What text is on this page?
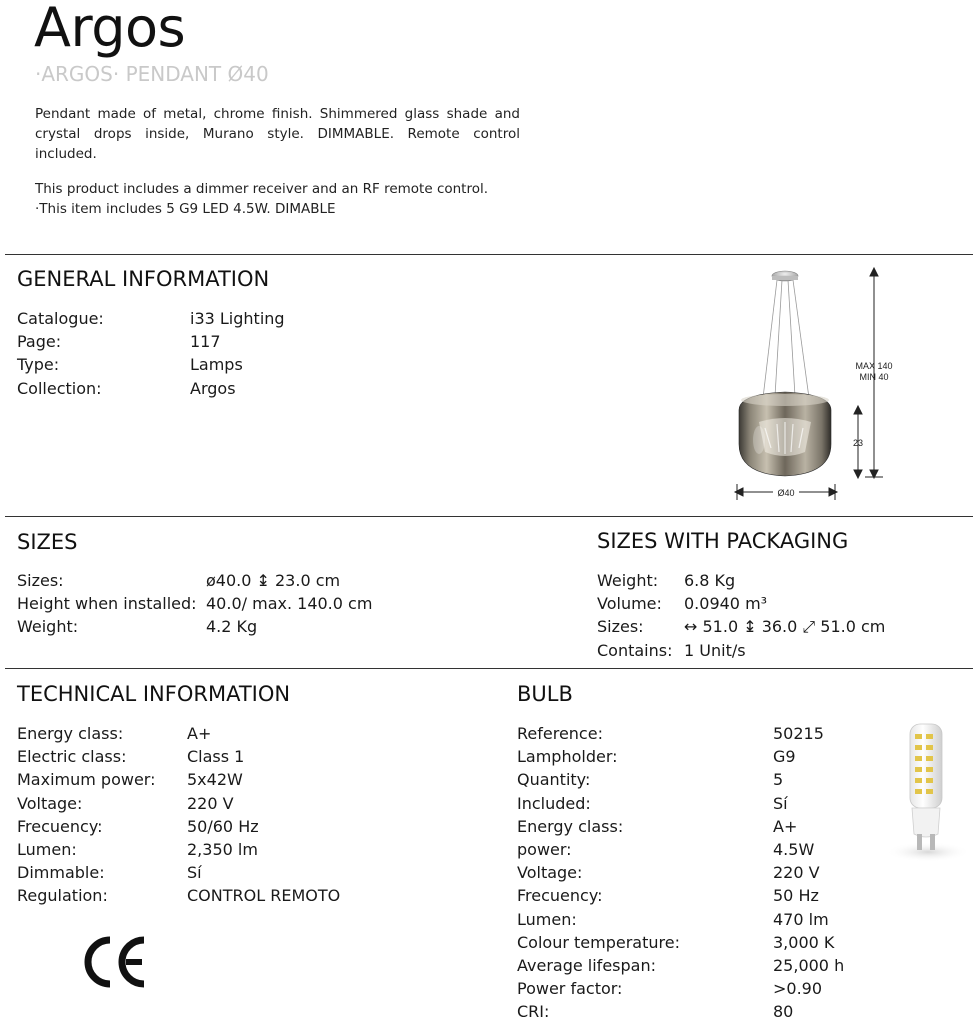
Argos
·ARGOS· PENDANT Ø40
Pendant made of metal, chrome finish. Shimmered glass shade and crystal drops inside, Murano style. DIMMABLE. Remote control included.
This product includes a dimmer receiver and an RF remote control.
·This item includes 5 G9 LED 4.5W. DIMABLE
GENERAL INFORMATION
Catalogue:	i33 Lighting
Page:	117
Type:	Lamps
Collection:	Argos
MAX 140
MIN 40
23
Ø40
SIZES
Sizes:	ø40.0 ↨ 23.0 cm
Height when installed: 40.0/ max. 140.0 cm
Weight:	4.2 Kg
SIZES WITH PACKAGING
Weight:	6.8 Kg
Volume:	0.0940 m³
Sizes:	↔ 51.0 ↨ 36.0 ⤢ 51.0 cm
Contains: 1 Unit/s
TECHNICAL INFORMATION
Energy class:	A+
Electric class:	Class 1
Maximum power:	5x42W
Voltage:	220 V
Frecuency:	50/60 Hz
Lumen:	2,350 lm
Dimmable:	Sí
Regulation:	CONTROL REMOTO
BULB
Reference:	50215
Lampholder:	G9
Quantity:	5
Included:	Sí
Energy class:	A+
power:	4.5W
Voltage:	220 V
Frecuency:	50 Hz
Lumen:	470 lm
Colour temperature:	3,000 K
Average lifespan:	25,000 h
Power factor:	>0.90
CRI:	80
